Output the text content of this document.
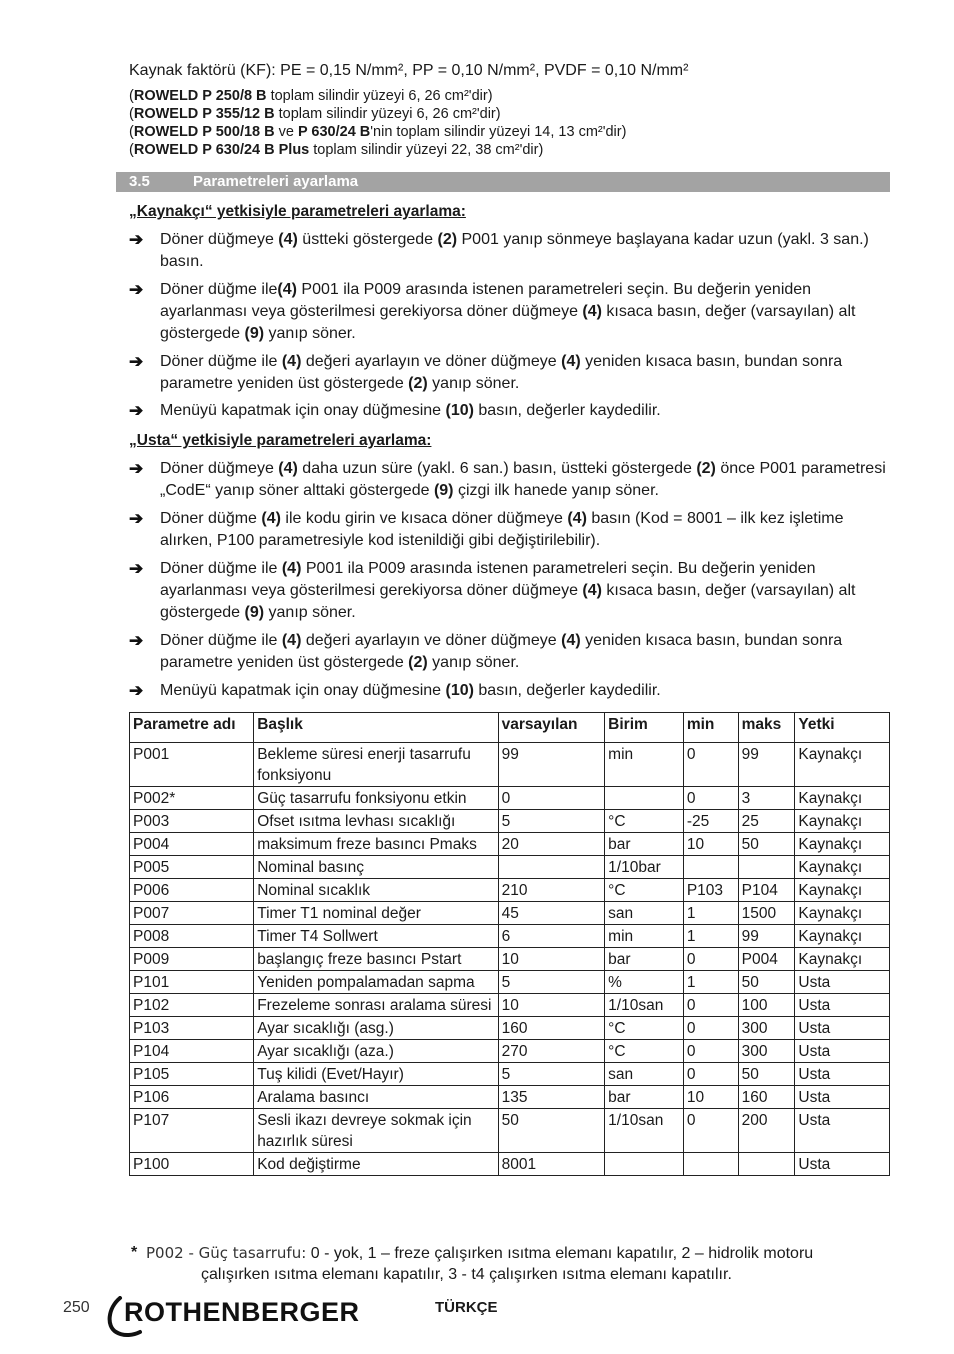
Kaynak faktörü (KF): PE = 0,15 N/mm², PP = 0,10 N/mm², PVDF = 0,10 N/mm²
(ROWELD P 250/8 B toplam silindir yüzeyi 6, 26 cm²'dir)
(ROWELD P 355/12 B toplam silindir yüzeyi 6, 26 cm²'dir)
(ROWELD P 500/18 B ve P 630/24 B'nin toplam silindir yüzeyi 14, 13 cm²'dir)
(ROWELD P 630/24 B Plus toplam silindir yüzeyi 22, 38 cm²'dir)
3.5	Parametreleri ayarlama
„Kaynakçı“ yetkisiyle parametreleri ayarlama:
➔	Döner düğmeye (4) üstteki göstergede (2) P001 yanıp sönmeye başlayana kadar uzun (yakl. 3 san.) basın.
➔	Döner düğme ile(4) P001 ila P009 arasında istenen parametreleri seçin. Bu değerin yeniden ayarlanması veya gösterilmesi gerekiyorsa döner düğmeye (4) kısaca basın, değer (varsayılan) alt göstergede (9) yanıp söner.
➔	Döner düğme ile (4) değeri ayarlayın ve döner düğmeye (4) yeniden kısaca basın, bundan sonra parametre yeniden üst göstergede (2) yanıp söner.
➔	Menüyü kapatmak için onay düğmesine (10) basın, değerler kaydedilir.
„Usta“ yetkisiyle parametreleri ayarlama:
➔	Döner düğmeye (4) daha uzun süre (yakl. 6 san.) basın, üstteki göstergede (2) önce P001 parametresi „CodE“ yanıp söner alttaki göstergede (9) çizgi ilk hanede yanıp söner.
➔	Döner düğme (4) ile kodu girin ve kısaca döner düğmeye (4) basın (Kod = 8001 – ilk kez işletime alırken, P100 parametresiyle kod istenildiği gibi değiştirilebilir).
➔	Döner düğme ile (4) P001 ila P009 arasında istenen parametreleri seçin. Bu değerin yeniden ayarlanması veya gösterilmesi gerekiyorsa döner düğmeye (4) kısaca basın, değer (varsayılan) alt göstergede (9) yanıp söner.
➔	Döner düğme ile (4) değeri ayarlayın ve döner düğmeye (4) yeniden kısaca basın, bundan sonra parametre yeniden üst göstergede (2) yanıp söner.
➔	Menüyü kapatmak için onay düğmesine (10) basın, değerler kaydedilir.
Parametre adı	Başlık	varsayılan	Birim	min	maks	Yetki
P001	Bekleme süresi enerji tasarrufu fonksiyonu	99	min	0	99	Kaynakçı
P002*	Güç tasarrufu fonksiyonu etkin	0		0	3	Kaynakçı
P003	Ofset ısıtma levhası sıcaklığı	5	°C	-25	25	Kaynakçı
P004	maksimum freze basıncı Pmaks	20	bar	10	50	Kaynakçı
P005	Nominal basınç		1/10bar			Kaynakçı
P006	Nominal sıcaklık	210	°C	P103	P104	Kaynakçı
P007	Timer T1 nominal değer	45	san	1	1500	Kaynakçı
P008	Timer T4 Sollwert	6	min	1	99	Kaynakçı
P009	başlangıç freze basıncı Pstart	10	bar	0	P004	Kaynakçı
P101	Yeniden pompalamadan sapma	5	%	1	50	Usta
P102	Frezeleme sonrası aralama süresi	10	1/10san	0	100	Usta
P103	Ayar sıcaklığı (asg.)	160	°C	0	300	Usta
P104	Ayar sıcaklığı (aza.)	270	°C	0	300	Usta
P105	Tuş kilidi (Evet/Hayır)	5	san	0	50	Usta
P106	Aralama basıncı	135	bar	10	160	Usta
P107	Sesli ikazı devreye sokmak için hazırlık süresi	50	1/10san	0	200	Usta
P100	Kod değiştirme	8001				Usta
* P002 - Güç tasarrufu: 0 - yok, 1 – freze çalışırken ısıtma elemanı kapatılır, 2 – hidrolik motoru
çalışırken ısıtma elemanı kapatılır, 3 - t4 çalışırken ısıtma elemanı kapatılır.
250 ROTHENBERGER	TÜRKÇE
